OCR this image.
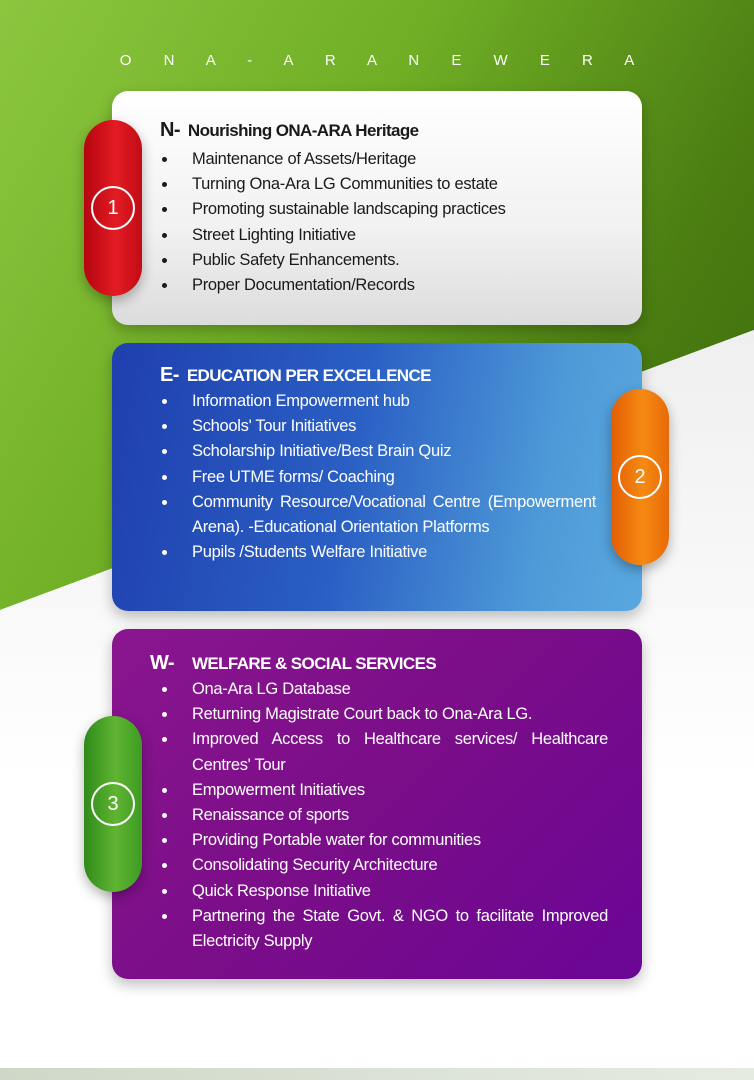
O N A - A R A N E W E R A
N- Nourishing ONA-ARA Heritage
Maintenance of Assets/Heritage
Turning Ona-Ara LG Communities to estate
Promoting sustainable landscaping practices
Street Lighting Initiative
Public Safety Enhancements.
Proper Documentation/Records
1
E- EDUCATION PER EXCELLENCE
Information Empowerment hub
Schools' Tour Initiatives
Scholarship Initiative/Best Brain Quiz
Free UTME forms/ Coaching
Community Resource/Vocational Centre (Empowerment Arena). -Educational Orientation Platforms
Pupils /Students Welfare Initiative
2
W- WELFARE & SOCIAL SERVICES
Ona-Ara LG Database
Returning Magistrate Court back to Ona-Ara LG.
Improved Access to Healthcare services/ Healthcare Centres' Tour
Empowerment Initiatives
Renaissance of sports
Providing Portable water for communities
Consolidating Security Architecture
Quick Response Initiative
Partnering the State Govt. & NGO to facilitate Improved Electricity Supply
3
